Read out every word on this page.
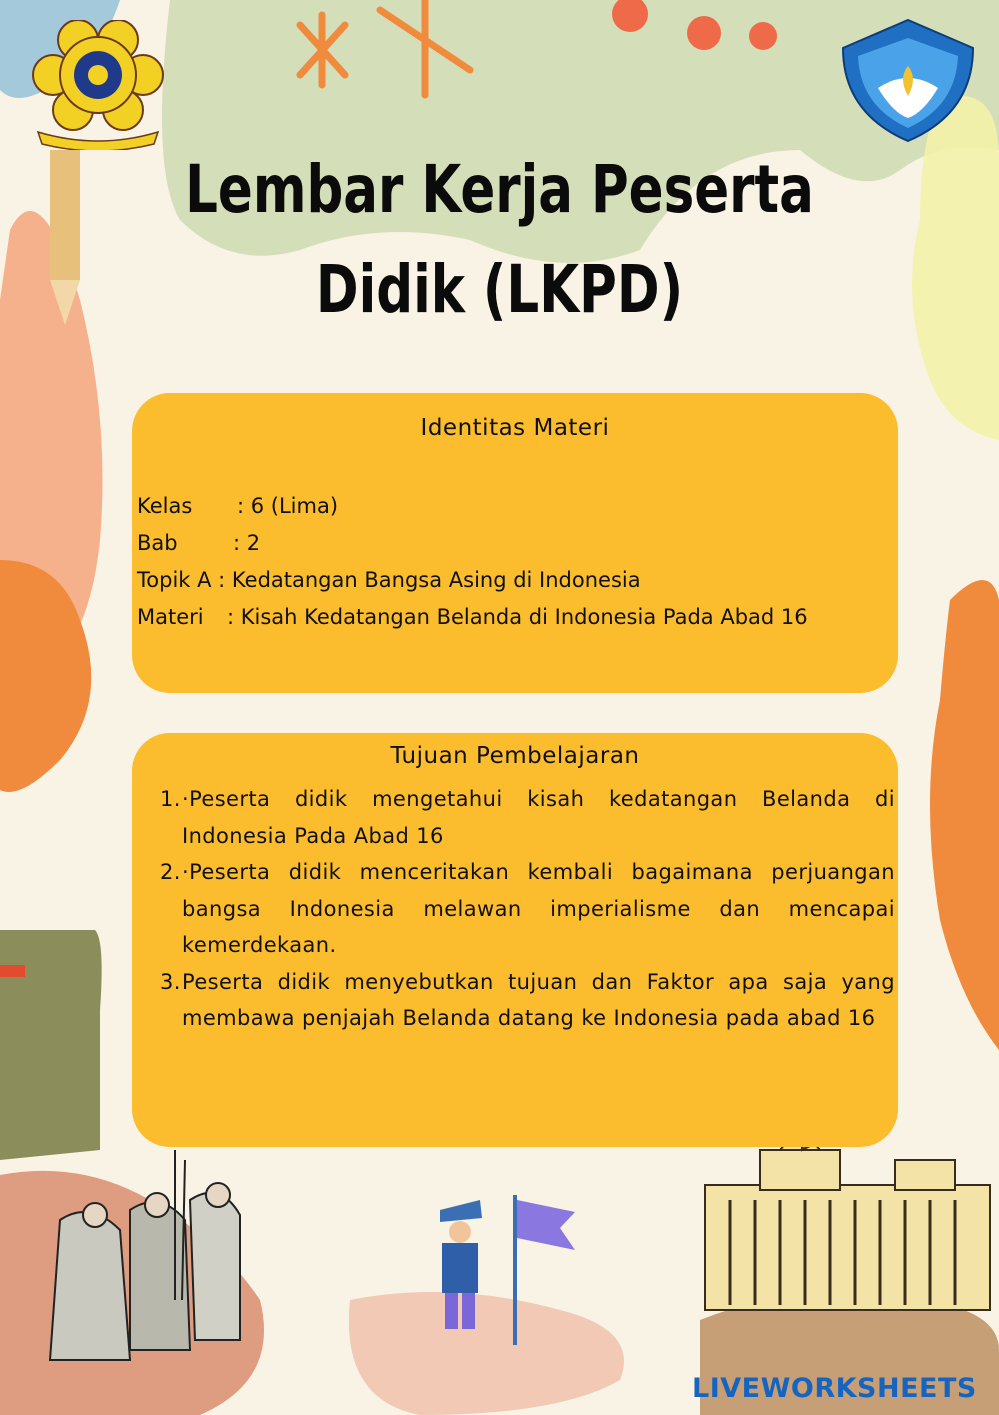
Lembar Kerja Peserta
Didik (LKPD)
Identitas Materi
Kelas : 6 (Lima)
Bab	: 2
Topik A : Kedatangan Bangsa Asing di Indonesia
Materi : Kisah Kedatangan Belanda di Indonesia Pada Abad 16
Tujuan Pembelajaran
1. ·Peserta didik mengetahui kisah kedatangan Belanda di Indonesia Pada Abad 16
2. ·Peserta didik menceritakan kembali bagaimana perjuangan bangsa Indonesia melawan imperialisme dan mencapai kemerdekaan.
3. Peserta didik menyebutkan tujuan dan Faktor apa saja yang membawa penjajah Belanda datang ke Indonesia pada abad 16
LIVEWORKSHEETS
